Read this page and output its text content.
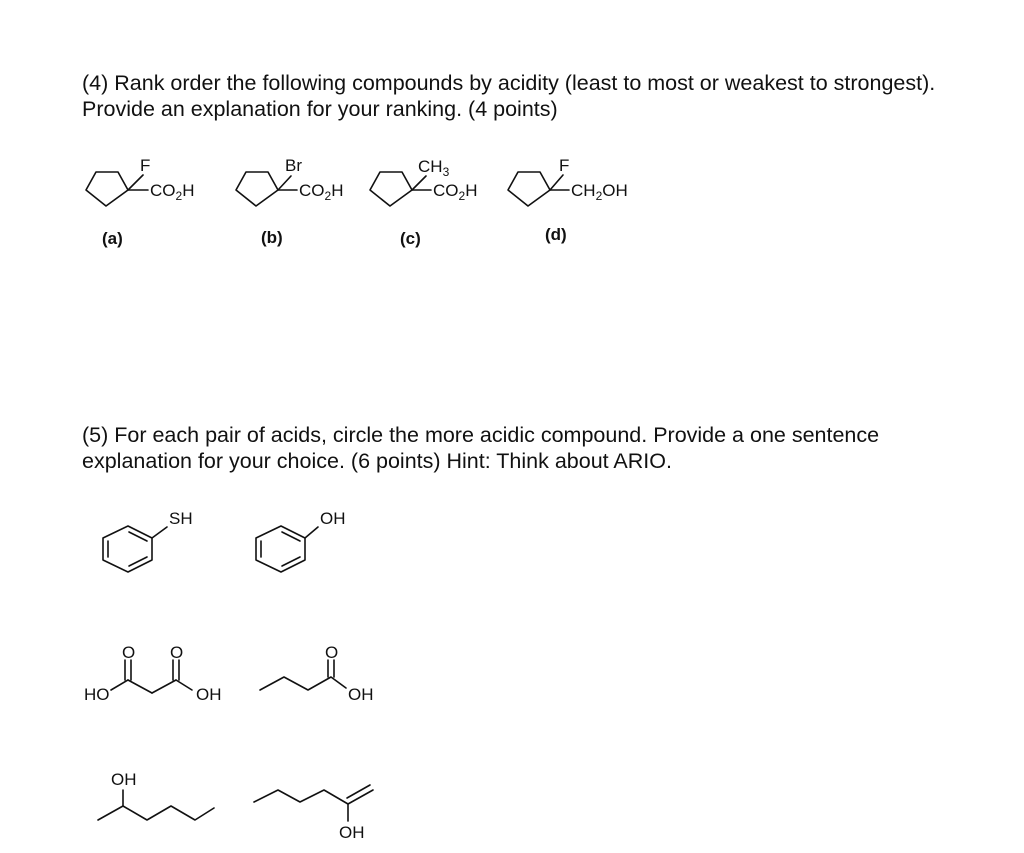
(4) Rank order the following compounds by acidity (least to most or weakest to strongest). Provide an explanation for your ranking. (4 points)

(5) For each pair of acids, circle the more acidic compound. Provide a one sentence explanation for your choice. (6 points) Hint: Think about ARIO.

F
$CO_2H$
(a)
Br
$CO_2H$
(b)
$CH_3$
$CO_2H$
(c)
F
$CH_2OH$
(d)
SH	OH
HO
O O
OH
O
OH
OH
OH
